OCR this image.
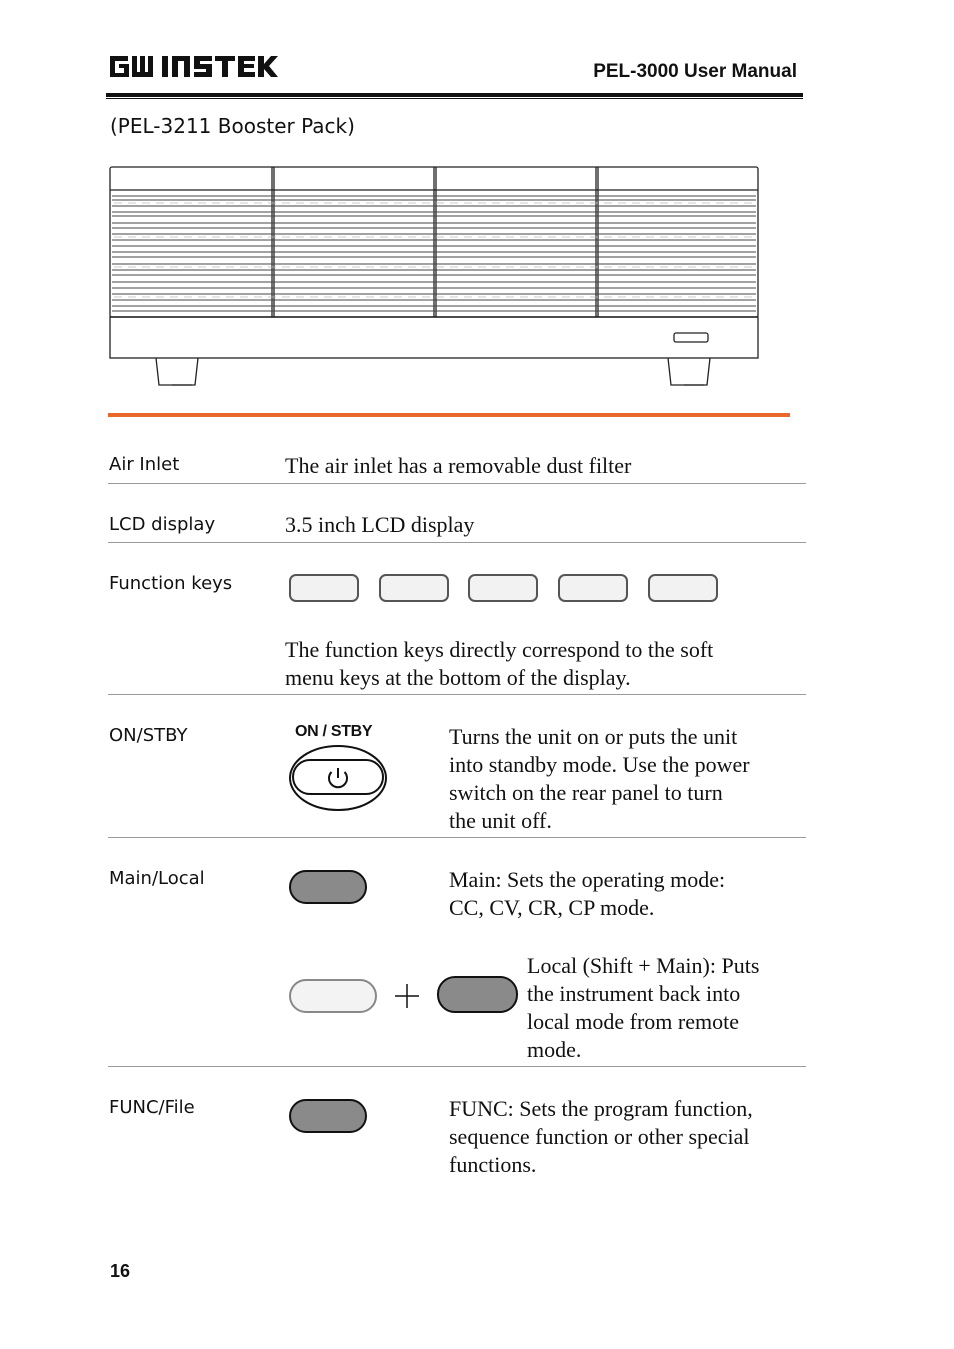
PEL-3000 User Manual
(PEL-3211 Booster Pack)
Air Inlet	The air inlet has a removable dust filter
LCD display	3.5 inch LCD display
Function keys
The function keys directly correspond to the soft
menu keys at the bottom of the display.
ON/STBY	ON / STBY	Turns the unit on or puts the unit
into standby mode. Use the power
switch on the rear panel to turn
the unit off.
Main/Local	Main: Sets the operating mode:
CC, CV, CR, CP mode.
Local (Shift + Main): Puts
the instrument back into
local mode from remote
mode.
FUNC/File	FUNC: Sets the program function,
sequence function or other special
functions.
16
